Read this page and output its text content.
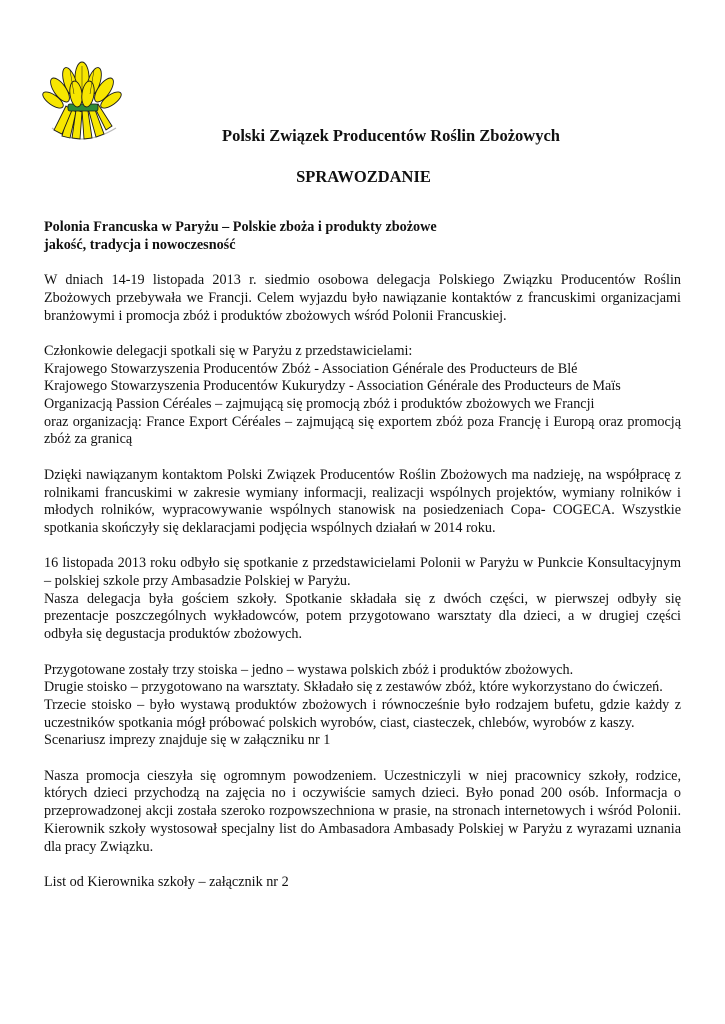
Polski Związek Producentów Roślin Zbożowych
SPRAWOZDANIE
Polonia Francuska w Paryżu – Polskie zboża i produkty zbożowe
jakość, tradycja i nowoczesność

W dniach 14-19 listopada 2013 r. siedmio osobowa delegacja Polskiego Związku Producentów Roślin Zbożowych przebywała we Francji. Celem wyjazdu było nawiązanie kontaktów z francuskimi organizacjami branżowymi i promocja zbóż i produktów zbożowych wśród Polonii Francuskiej.

Członkowie delegacji spotkali się w Paryżu z przedstawicielami:
Krajowego Stowarzyszenia Producentów Zbóż - Association Générale des Producteurs de Blé
Krajowego Stowarzyszenia Producentów Kukurydzy - Association Générale des Producteurs de Maïs
Organizacją Passion Céréales – zajmującą się promocją zbóż i produktów zbożowych we Francji
oraz organizacją: France Export Céréales – zajmującą się exportem zbóż poza Francję i Europą oraz promocją zbóż za granicą

Dzięki nawiązanym kontaktom Polski Związek Producentów Roślin Zbożowych ma nadzieję, na współpracę z rolnikami francuskimi w zakresie wymiany informacji, realizacji wspólnych projektów, wymiany rolników i młodych rolników, wypracowywanie wspólnych stanowisk na posiedzeniach Copa- COGECA. Wszystkie spotkania skończyły się deklaracjami podjęcia wspólnych działań w 2014 roku.

16 listopada 2013 roku odbyło się spotkanie z przedstawicielami Polonii w Paryżu w Punkcie Konsultacyjnym – polskiej szkole przy Ambasadzie Polskiej w Paryżu.

Nasza delegacja była gościem szkoły. Spotkanie składała się z dwóch części, w pierwszej odbyły się prezentacje poszczególnych wykładowców, potem przygotowano warsztaty dla dzieci, a w drugiej części odbyła się degustacja produktów zbożowych.

Przygotowane zostały trzy stoiska – jedno – wystawa polskich zbóż i produktów zbożowych.

Drugie stoisko – przygotowano na warsztaty. Składało się z zestawów zbóż, które wykorzystano do ćwiczeń.

Trzecie stoisko – było wystawą produktów zbożowych i równocześnie było rodzajem bufetu, gdzie każdy z uczestników spotkania mógł próbować polskich wyrobów, ciast, ciasteczek, chlebów, wyrobów z kaszy.

Scenariusz imprezy znajduje się w załączniku nr 1

Nasza promocja cieszyła się ogromnym powodzeniem. Uczestniczyli w niej pracownicy szkoły, rodzice, których dzieci przychodzą na zajęcia no i oczywiście samych dzieci. Było ponad 200 osób. Informacja o przeprowadzonej akcji została szeroko rozpowszechniona w prasie, na stronach internetowych i wśród Polonii. Kierownik szkoły wystosował specjalny list do Ambasadora Ambasady Polskiej w Paryżu z wyrazami uznania dla pracy Związku.

List od Kierownika szkoły – załącznik nr 2
